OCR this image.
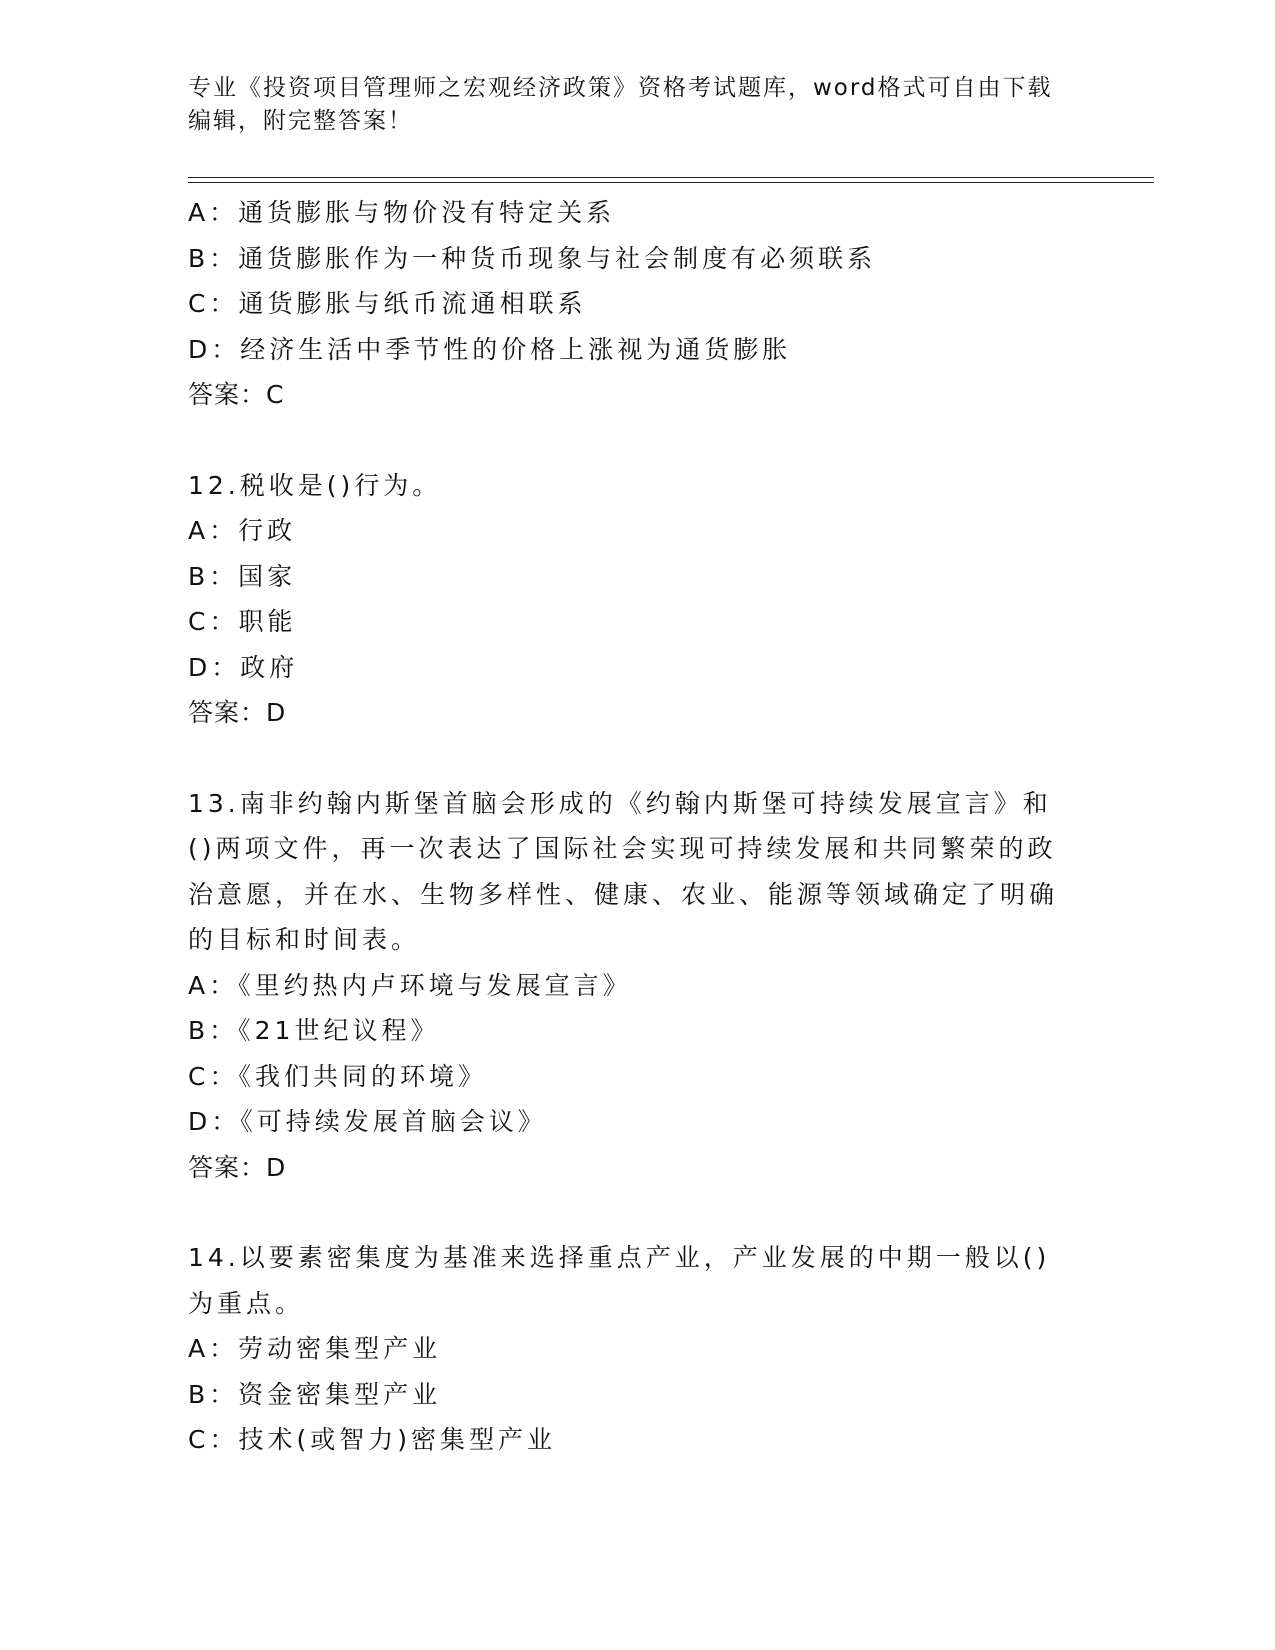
专业《投资项目管理师之宏观经济政策》资格考试题库，word格式可自由下载编辑，附完整答案！
A：通货膨胀与物价没有特定关系
B：通货膨胀作为一种货币现象与社会制度有必须联系
C：通货膨胀与纸币流通相联系
D：经济生活中季节性的价格上涨视为通货膨胀
答案：C
12.税收是()行为。
A：行政
B：国家
C：职能
D：政府
答案：D
13.南非约翰内斯堡首脑会形成的《约翰内斯堡可持续发展宣言》和()两项文件，再一次表达了国际社会实现可持续发展和共同繁荣的政治意愿，并在水、生物多样性、健康、农业、能源等领域确定了明确的目标和时间表。
A：《里约热内卢环境与发展宣言》
B：《21世纪议程》
C：《我们共同的环境》
D：《可持续发展首脑会议》
答案：D
14.以要素密集度为基准来选择重点产业，产业发展的中期一般以()为重点。
A：劳动密集型产业
B：资金密集型产业
C：技术(或智力)密集型产业
